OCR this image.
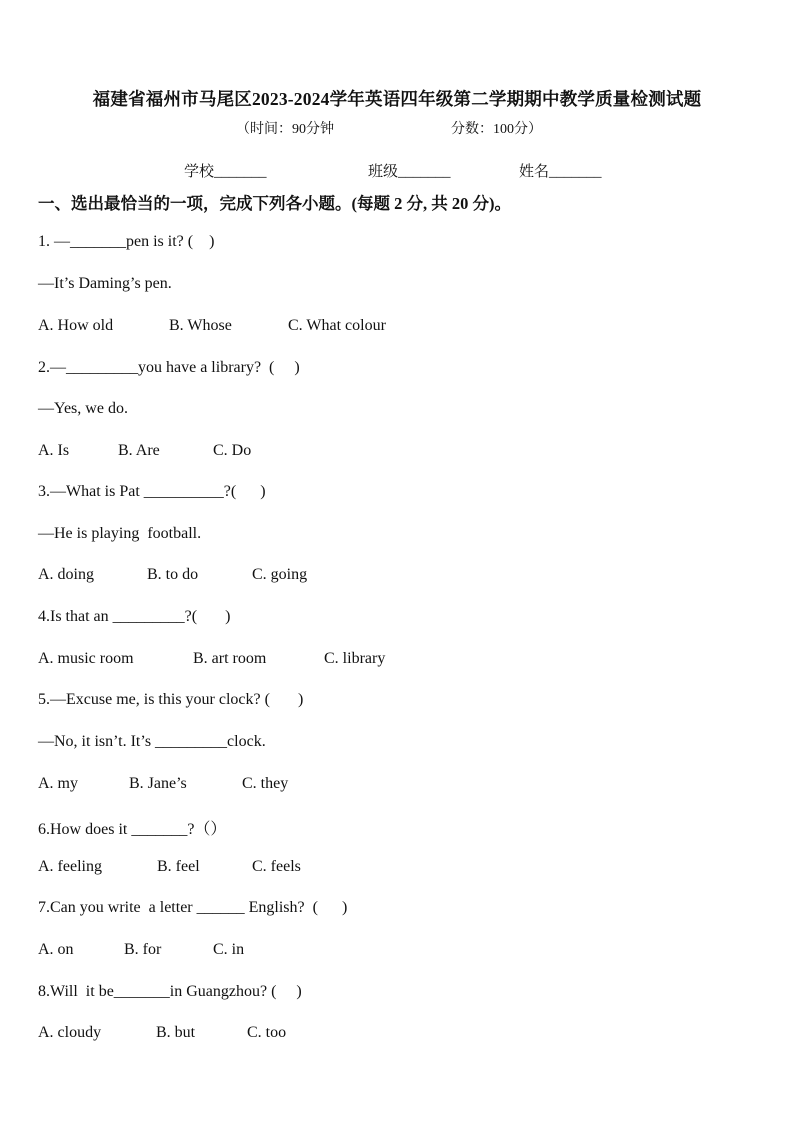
福建省福州市马尾区2023-2024学年英语四年级第二学期期中教学质量检测试题
（时间：90分钟	分数：100分）
学校_______	班级_______	姓名_______
一、选出最恰当的一项，完成下列各小题。(每题 2 分, 共 20 分)。
1. —_______pen is it? (    )
—It’s Daming’s pen.
A. How old	B. Whose	C. What colour
2.—_________you have a library?  (     )
—Yes, we do.
A. Is	B. Are	C. Do
3.—What is Pat __________?(      )
—He is playing  football.
A. doing	B. to do	C. going
4.Is that an _________?(       )
A. music room	B. art room	C. library
5.—Excuse me, is this your clock? (       )
—No, it isn’t. It’s _________clock.
A. my	B. Jane’s	C. they
6.How does it _______?（）
A. feeling	B. feel	C. feels
7.Can you write  a letter ______ English?  (      )
A. on	B. for	C. in
8.Will  it be_______in Guangzhou? (     )
A. cloudy	B. but	C. too
